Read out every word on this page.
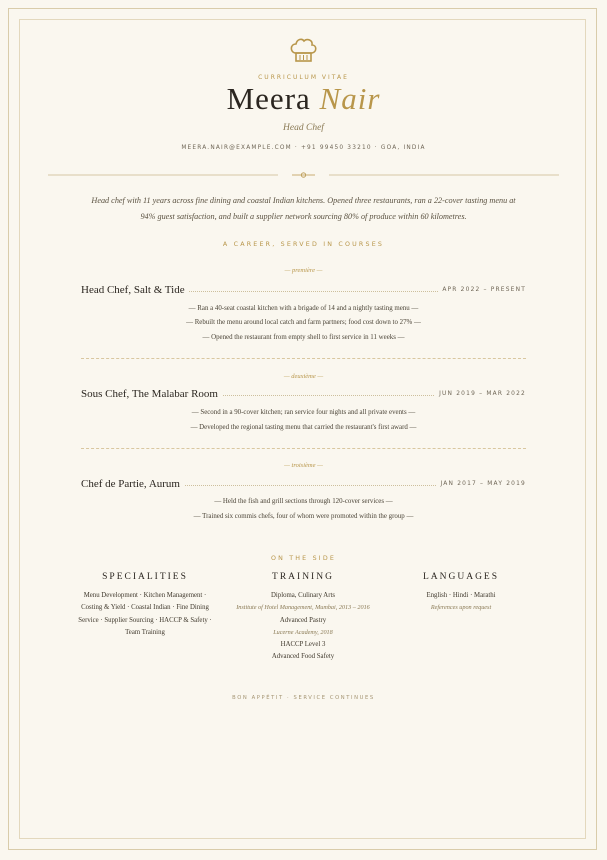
CURRICULUM VITAE
Meera Nair
Head Chef
MEERA.NAIR@EXAMPLE.COM · +91 99450 33210 · GOA, INDIA
Head chef with 11 years across fine dining and coastal Indian kitchens. Opened three restaurants, ran a 22-cover tasting menu at 94% guest satisfaction, and built a supplier network sourcing 80% of produce within 60 kilometres.
A CAREER, SERVED IN COURSES
— première —
Head Chef, Salt & Tide	APR 2022 – PRESENT
— Ran a 40-seat coastal kitchen with a brigade of 14 and a nightly tasting menu —
— Rebuilt the menu around local catch and farm partners; food cost down to 27% —
— Opened the restaurant from empty shell to first service in 11 weeks —
— deuxième —
Sous Chef, The Malabar Room	JUN 2019 – MAR 2022
— Second in a 90-cover kitchen; ran service four nights and all private events —
— Developed the regional tasting menu that carried the restaurant's first award —
— troisième —
Chef de Partie, Aurum	JAN 2017 – MAY 2019
— Held the fish and grill sections through 120-cover services —
— Trained six commis chefs, four of whom were promoted within the group —
ON THE SIDE
SPECIALITIES
Menu Development · Kitchen Management ·
Costing & Yield · Coastal Indian · Fine Dining
Service · Supplier Sourcing · HACCP & Safety ·
Team Training
TRAINING
Diploma, Culinary Arts
Institute of Hotel Management, Mumbai, 2013 – 2016
Advanced Pastry
Lucerne Academy, 2018
HACCP Level 3
Advanced Food Safety
LANGUAGES
English · Hindi · Marathi
References upon request
BON APPÉTIT · SERVICE CONTINUES
